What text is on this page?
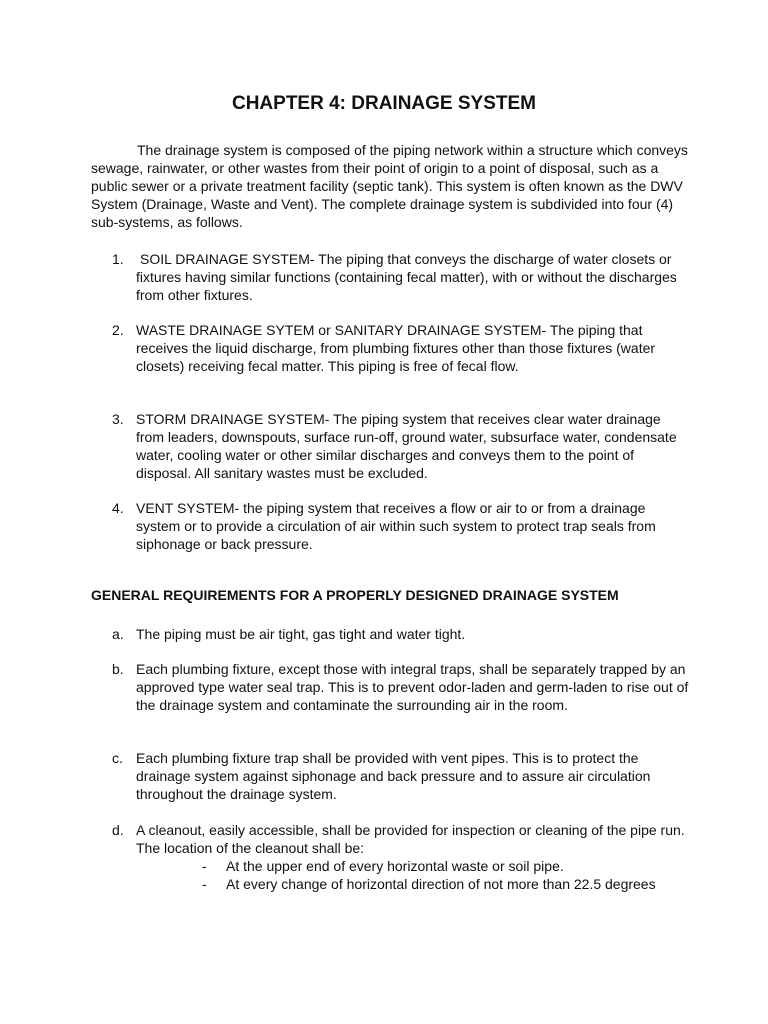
CHAPTER 4: DRAINAGE SYSTEM
The drainage system is composed of the piping network within a structure which conveys sewage, rainwater, or other wastes from their point of origin to a point of disposal, such as a public sewer or a private treatment facility (septic tank). This system is often known as the DWV System (Drainage, Waste and Vent). The complete drainage system is subdivided into four (4) sub-systems, as follows.
1. SOIL DRAINAGE SYSTEM- The piping that conveys the discharge of water closets or fixtures having similar functions (containing fecal matter), with or without the discharges from other fixtures.
2. WASTE DRAINAGE SYTEM or SANITARY DRAINAGE SYSTEM- The piping that receives the liquid discharge, from plumbing fixtures other than those fixtures (water closets) receiving fecal matter. This piping is free of fecal flow.
3. STORM DRAINAGE SYSTEM- The piping system that receives clear water drainage from leaders, downspouts, surface run-off, ground water, subsurface water, condensate water, cooling water or other similar discharges and conveys them to the point of disposal. All sanitary wastes must be excluded.
4. VENT SYSTEM- the piping system that receives a flow or air to or from a drainage system or to provide a circulation of air within such system to protect trap seals from siphonage or back pressure.
GENERAL REQUIREMENTS FOR A PROPERLY DESIGNED DRAINAGE SYSTEM
a. The piping must be air tight, gas tight and water tight.
b. Each plumbing fixture, except those with integral traps, shall be separately trapped by an approved type water seal trap. This is to prevent odor-laden and germ-laden to rise out of the drainage system and contaminate the surrounding air in the room.
c. Each plumbing fixture trap shall be provided with vent pipes. This is to protect the drainage system against siphonage and back pressure and to assure air circulation throughout the drainage system.
d. A cleanout, easily accessible, shall be provided for inspection or cleaning of the pipe run. The location of the cleanout shall be:
- At the upper end of every horizontal waste or soil pipe.
- At every change of horizontal direction of not more than 22.5 degrees
